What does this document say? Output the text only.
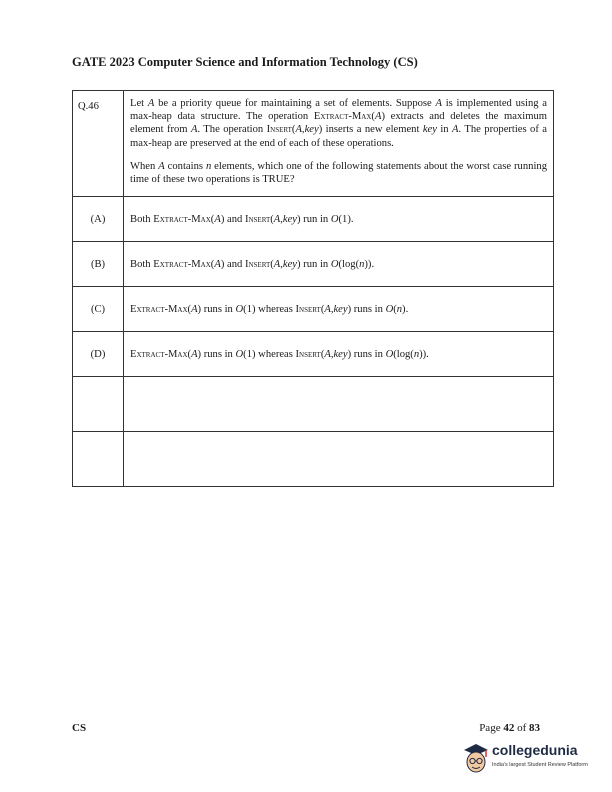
GATE 2023 Computer Science and Information Technology (CS)
Q.46	Let A be a priority queue for maintaining a set of elements. Suppose A is implemented using a max-heap data structure. The operation Extract-Max(A) extracts and deletes the maximum element from A. The operation Insert(A,key) inserts a new element key in A. The properties of a max-heap are preserved at the end of each of these operations.

When A contains n elements, which one of the following statements about the worst case running time of these two operations is TRUE?

(A)	Both Extract-Max(A) and Insert(A,key) run in O(1).
(B)	Both Extract-Max(A) and Insert(A,key) run in O(log(n)).
(C)	Extract-Max(A) runs in O(1) whereas Insert(A,key) runs in O(n).
(D)	Extract-Max(A) runs in O(1) whereas Insert(A,key) runs in O(log(n)).

CS	Page 42 of 83
collegedunia
India's largest Student Review Platform
